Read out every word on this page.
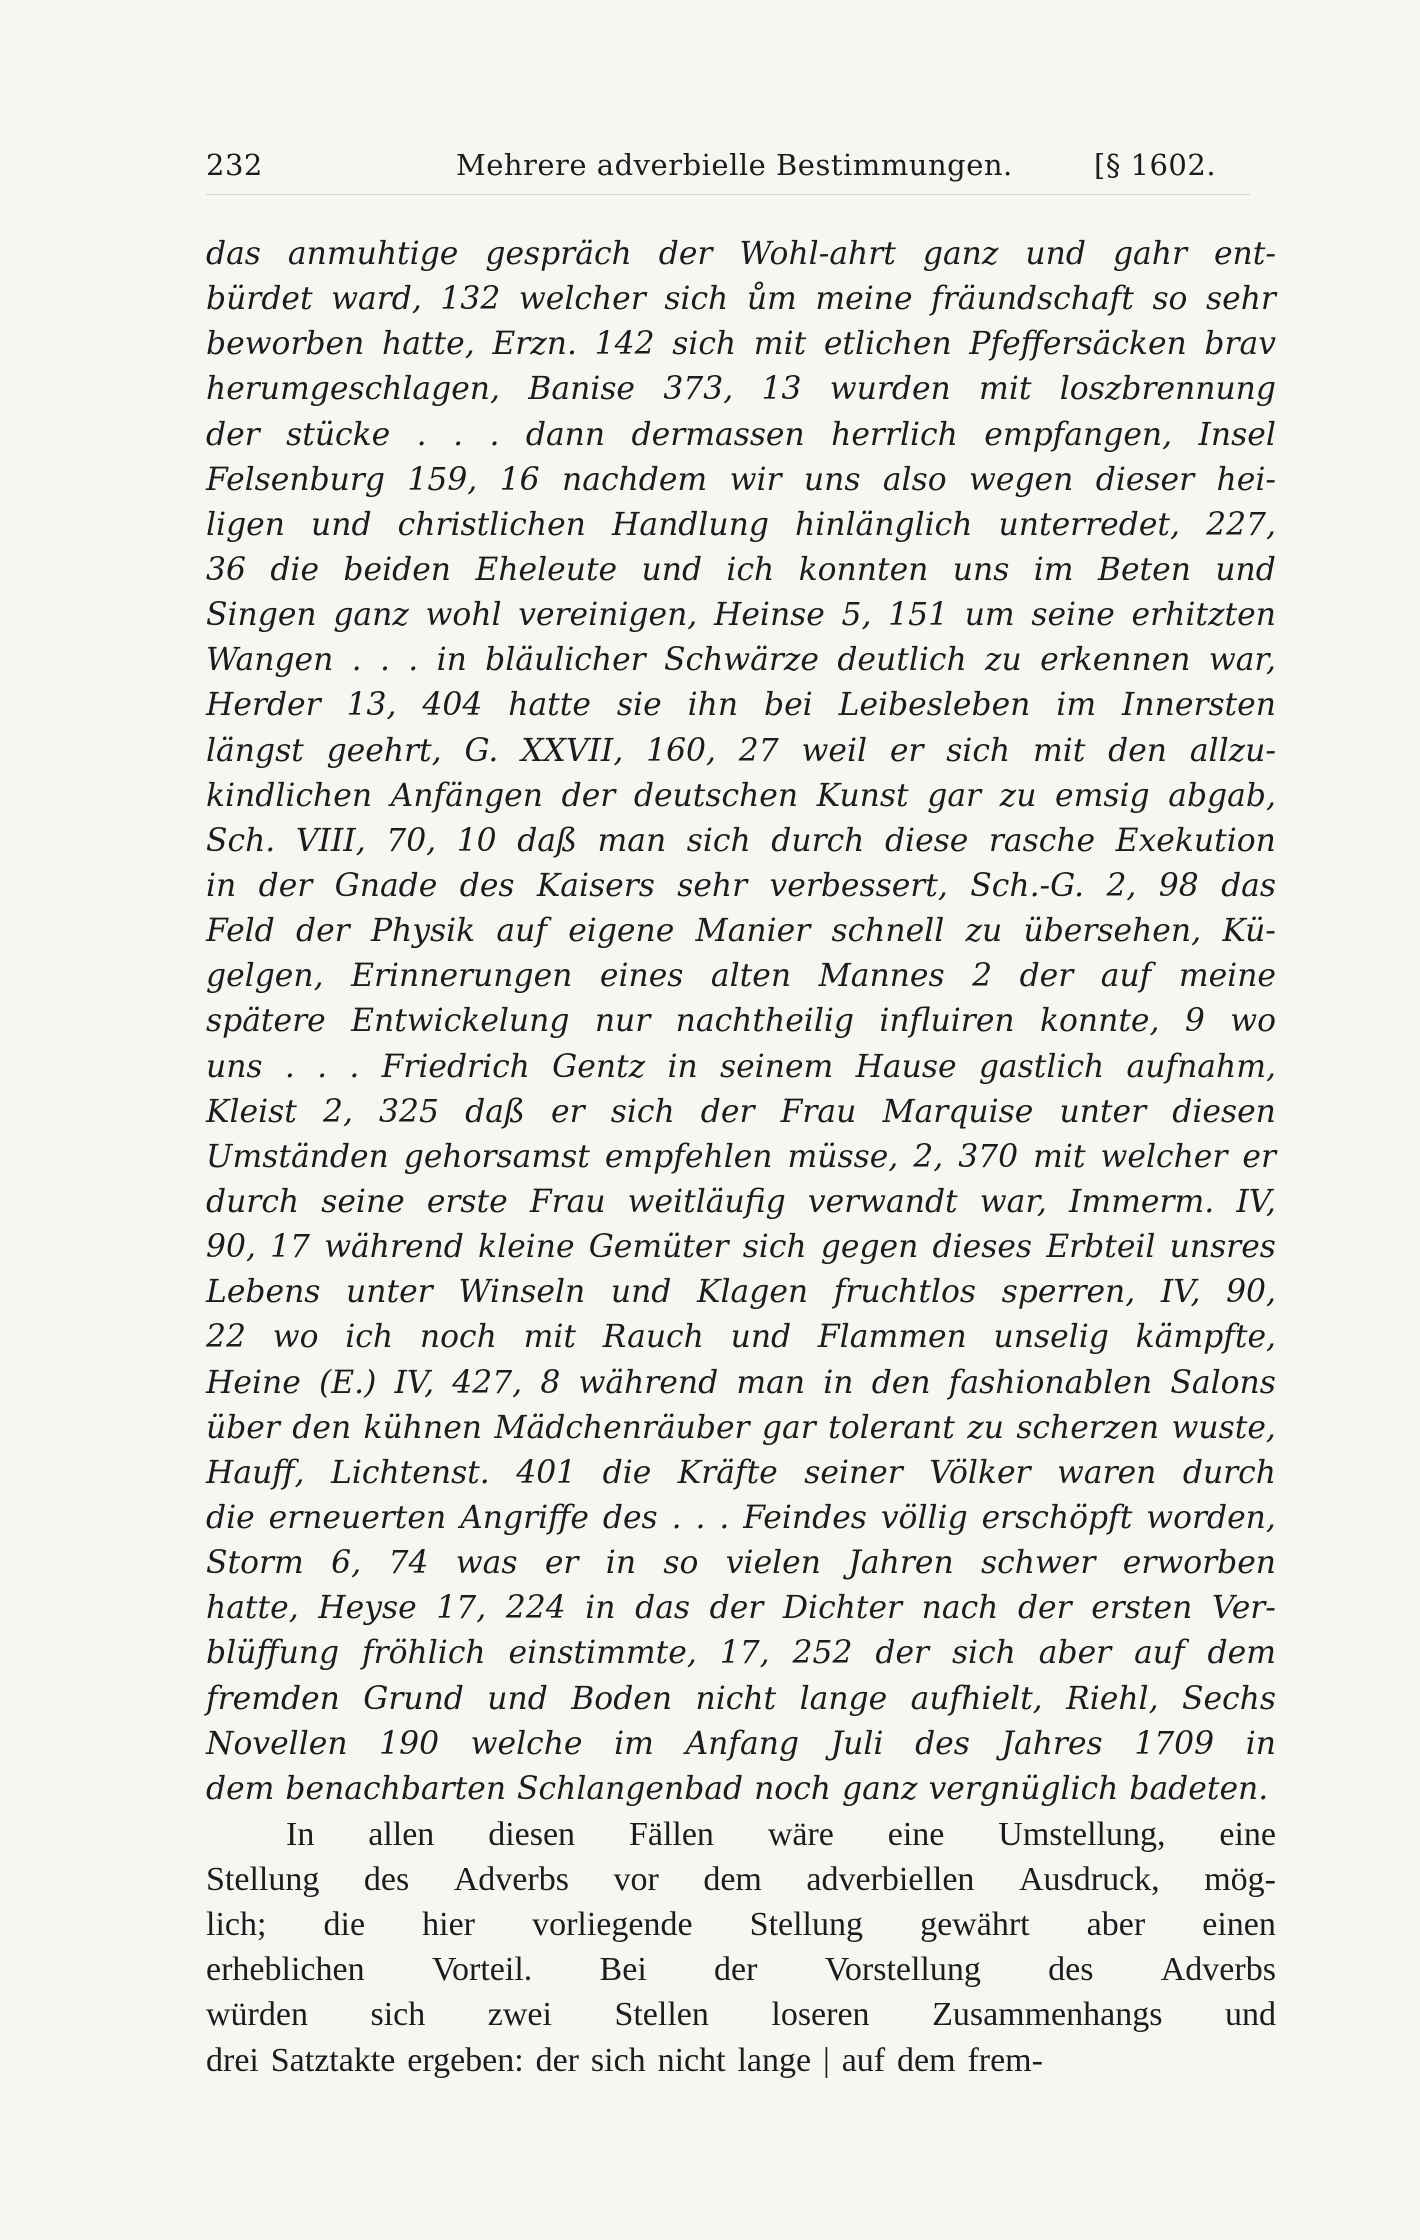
232	Mehrere adverbielle Bestimmungen.	[§ 1602.
das anmuhtige gespräch der Wohl-ahrt ganz und gahr ent-
bürdet ward, 132 welcher sich ům meine fräundschaft so sehr
beworben hatte, Erzn. 142 sich mit etlichen Pfeffersäcken brav
herumgeschlagen, Banise 373, 13 wurden mit loszbrennung
der stücke . . . dann dermassen herrlich empfangen, Insel
Felsenburg 159, 16 nachdem wir uns also wegen dieser hei-
ligen und christlichen Handlung hinlänglich unterredet, 227,
36 die beiden Eheleute und ich konnten uns im Beten und
Singen ganz wohl vereinigen, Heinse 5, 151 um seine erhitzten
Wangen . . . in bläulicher Schwärze deutlich zu erkennen war,
Herder 13, 404 hatte sie ihn bei Leibesleben im Innersten
längst geehrt, G. XXVII, 160, 27 weil er sich mit den allzu-
kindlichen Anfängen der deutschen Kunst gar zu emsig abgab,
Sch. VIII, 70, 10 daß man sich durch diese rasche Exekution
in der Gnade des Kaisers sehr verbessert, Sch.-G. 2, 98 das
Feld der Physik auf eigene Manier schnell zu übersehen, Kü-
gelgen, Erinnerungen eines alten Mannes 2 der auf meine
spätere Entwickelung nur nachtheilig influiren konnte, 9 wo
uns . . . Friedrich Gentz in seinem Hause gastlich aufnahm,
Kleist 2, 325 daß er sich der Frau Marquise unter diesen
Umständen gehorsamst empfehlen müsse, 2, 370 mit welcher er
durch seine erste Frau weitläufig verwandt war, Immerm. IV,
90, 17 während kleine Gemüter sich gegen dieses Erbteil unsres
Lebens unter Winseln und Klagen fruchtlos sperren, IV, 90,
22 wo ich noch mit Rauch und Flammen unselig kämpfte,
Heine (E.) IV, 427, 8 während man in den fashionablen Salons
über den kühnen Mädchenräuber gar tolerant zu scherzen wuste,
Hauff, Lichtenst. 401 die Kräfte seiner Völker waren durch
die erneuerten Angriffe des . . . Feindes völlig erschöpft worden,
Storm 6, 74 was er in so vielen Jahren schwer erworben
hatte, Heyse 17, 224 in das der Dichter nach der ersten Ver-
blüffung fröhlich einstimmte, 17, 252 der sich aber auf dem
fremden Grund und Boden nicht lange aufhielt, Riehl, Sechs
Novellen 190 welche im Anfang Juli des Jahres 1709 in
dem benachbarten Schlangenbad noch ganz vergnüglich badeten.
In allen diesen Fällen wäre eine Umstellung, eine
Stellung des Adverbs vor dem adverbiellen Ausdruck, mög-
lich; die hier vorliegende Stellung gewährt aber einen
erheblichen Vorteil. Bei der Vorstellung des Adverbs
würden sich zwei Stellen loseren Zusammenhangs und
drei Satztakte ergeben: der sich nicht lange | auf dem frem-
